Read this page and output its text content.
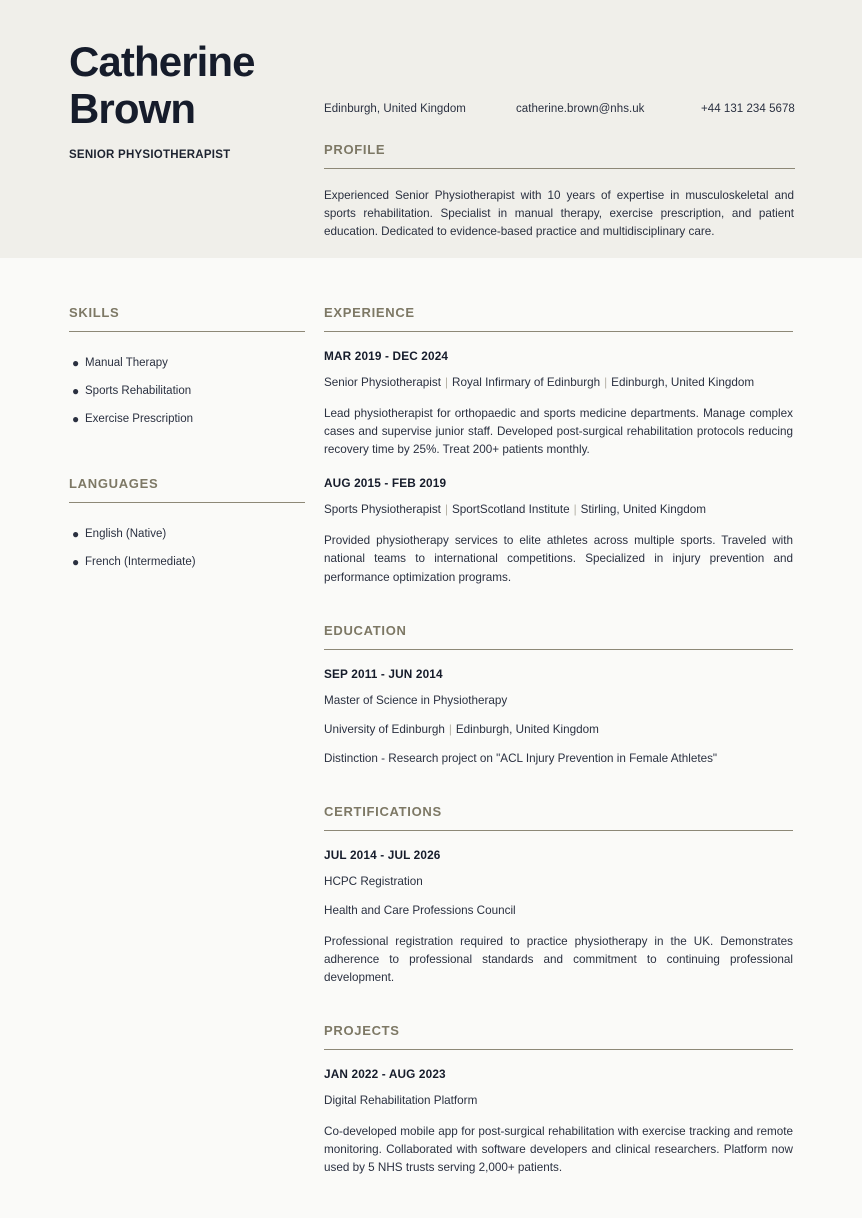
Catherine
Brown
SENIOR PHYSIOTHERAPIST
Edinburgh, United Kingdom	catherine.brown@nhs.uk	+44 131 234 5678
PROFILE
Experienced Senior Physiotherapist with 10 years of expertise in musculoskeletal and sports rehabilitation. Specialist in manual therapy, exercise prescription, and patient education. Dedicated to evidence-based practice and multidisciplinary care.
SKILLS
● Manual Therapy
● Sports Rehabilitation
● Exercise Prescription
LANGUAGES
● English (Native)
● French (Intermediate)
EXPERIENCE
MAR 2019 - DEC 2024
Senior Physiotherapist | Royal Infirmary of Edinburgh | Edinburgh, United Kingdom
Lead physiotherapist for orthopaedic and sports medicine departments. Manage complex cases and supervise junior staff. Developed post-surgical rehabilitation protocols reducing recovery time by 25%. Treat 200+ patients monthly.
AUG 2015 - FEB 2019
Sports Physiotherapist | SportScotland Institute | Stirling, United Kingdom
Provided physiotherapy services to elite athletes across multiple sports. Traveled with national teams to international competitions. Specialized in injury prevention and performance optimization programs.
EDUCATION
SEP 2011 - JUN 2014
Master of Science in Physiotherapy
University of Edinburgh | Edinburgh, United Kingdom
Distinction - Research project on "ACL Injury Prevention in Female Athletes"
CERTIFICATIONS
JUL 2014 - JUL 2026
HCPC Registration
Health and Care Professions Council
Professional registration required to practice physiotherapy in the UK. Demonstrates adherence to professional standards and commitment to continuing professional development.
PROJECTS
JAN 2022 - AUG 2023
Digital Rehabilitation Platform
Co-developed mobile app for post-surgical rehabilitation with exercise tracking and remote monitoring. Collaborated with software developers and clinical researchers. Platform now used by 5 NHS trusts serving 2,000+ patients.
